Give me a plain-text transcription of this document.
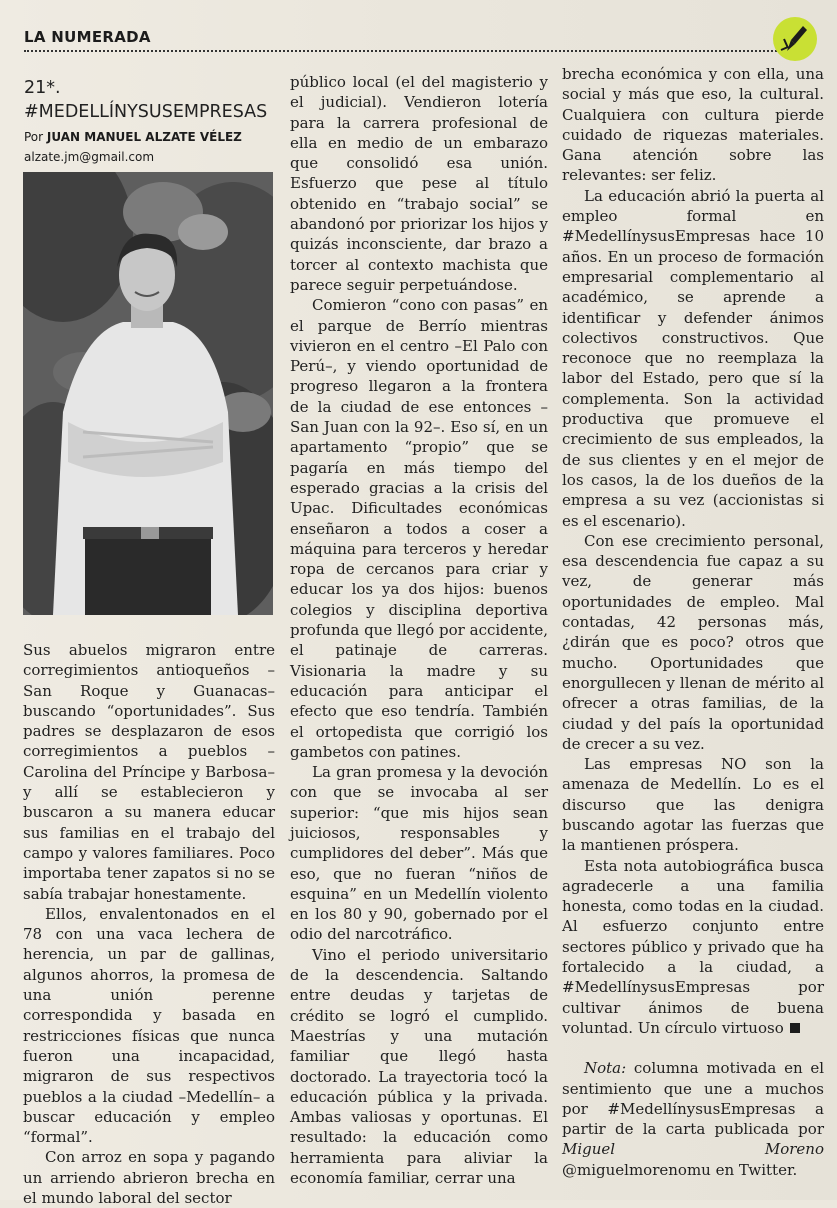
LA NUMERADA
21*.
#MEDELLÍNYSUSEMPRESAS
Por JUAN MANUEL ALZATE VÉLEZ
alzate.jm@gmail.com

Sus abuelos migraron entre corregimientos antioqueños –San Roque y Guanacas– buscando “oportunidades”. Sus padres se desplazaron de esos corregimientos a pueblos –Carolina del Príncipe y Barbosa– y allí se establecieron y buscaron a su manera educar sus familias en el trabajo del campo y valores familiares. Poco importaba tener zapatos si no se sabía trabajar honestamente.

Ellos, envalentonados en el 78 con una vaca lechera de herencia, un par de gallinas, algunos ahorros, la promesa de una unión perenne correspondida y basada en restricciones físicas que nunca fueron una incapacidad, migraron de sus respectivos pueblos a la ciudad –Medellín– a buscar educación y empleo “formal”.

Con arroz en sopa y pagando un arriendo abrieron brecha en el mundo laboral del sector

público local (el del magisterio y el judicial). Vendieron lotería para la carrera profesional de ella en medio de un embarazo que consolidó esa unión. Esfuerzo que pese al título obtenido en “trabajo social” se abandonó por priorizar los hijos y quizás inconsciente, dar brazo a torcer al contexto machista que parece seguir perpetuándose.

Comieron “cono con pasas” en el parque de Berrío mientras vivieron en el centro –El Palo con Perú–, y viendo oportunidad de progreso llegaron a la frontera de la ciudad de ese entonces –San Juan con la 92–. Eso sí, en un apartamento “propio” que se pagaría en más tiempo del esperado gracias a la crisis del Upac. Dificultades económicas enseñaron a todos a coser a máquina para terceros y heredar ropa de cercanos para criar y educar los ya dos hijos: buenos colegios y disciplina deportiva profunda que llegó por accidente, el patinaje de carreras. Visionaria la madre y su educación para anticipar el efecto que eso tendría. También el ortopedista que corrigió los gambetos con patines.

La gran promesa y la devoción con que se invocaba al ser superior: “que mis hijos sean juiciosos, responsables y cumplidores del deber”. Más que eso, que no fueran “niños de esquina” en un Medellín violento en los 80 y 90, gobernado por el odio del narcotráfico.

Vino el periodo universitario de la descendencia. Saltando entre deudas y tarjetas de crédito se logró el cumplido. Maestrías y una mutación familiar que llegó hasta doctorado. La trayectoria tocó la educación pública y la privada. Ambas valiosas y oportunas. El resultado: la educación como herramienta para aliviar la economía familiar, cerrar una

brecha económica y con ella, una social y más que eso, la cultural. Cualquiera con cultura pierde cuidado de riquezas materiales. Gana atención sobre las relevantes: ser feliz.

La educación abrió la puerta al empleo formal en #MedellínysusEmpresas hace 10 años. En un proceso de formación empresarial complementario al académico, se aprende a identificar y defender ánimos colectivos constructivos. Que reconoce que no reemplaza la labor del Estado, pero que sí la complementa. Son la actividad productiva que promueve el crecimiento de sus empleados, la de sus clientes y en el mejor de los casos, la de los dueños de la empresa a su vez (accionistas si es el escenario).

Con ese crecimiento personal, esa descendencia fue capaz a su vez, de generar más oportunidades de empleo. Mal contadas, 42 personas más, ¿dirán que es poco? otros que mucho. Oportunidades que enorgullecen y llenan de mérito al ofrecer a otras familias, de la ciudad y del país la oportunidad de crecer a su vez.

Las empresas NO son la amenaza de Medellín. Lo es el discurso que las denigra buscando agotar las fuerzas que la mantienen próspera.

Esta nota autobiográfica busca agradecerle a una familia honesta, como todas en la ciudad. Al esfuerzo conjunto entre sectores público y privado que ha fortalecido a la ciudad, a #MedellínysusEmpresas por cultivar ánimos de buena voluntad. Un círculo virtuoso

Nota: columna motivada en el sentimiento que une a muchos por #MedellínysusEmpresas a partir de la carta publicada por Miguel Moreno @miguelmorenomu en Twitter.
